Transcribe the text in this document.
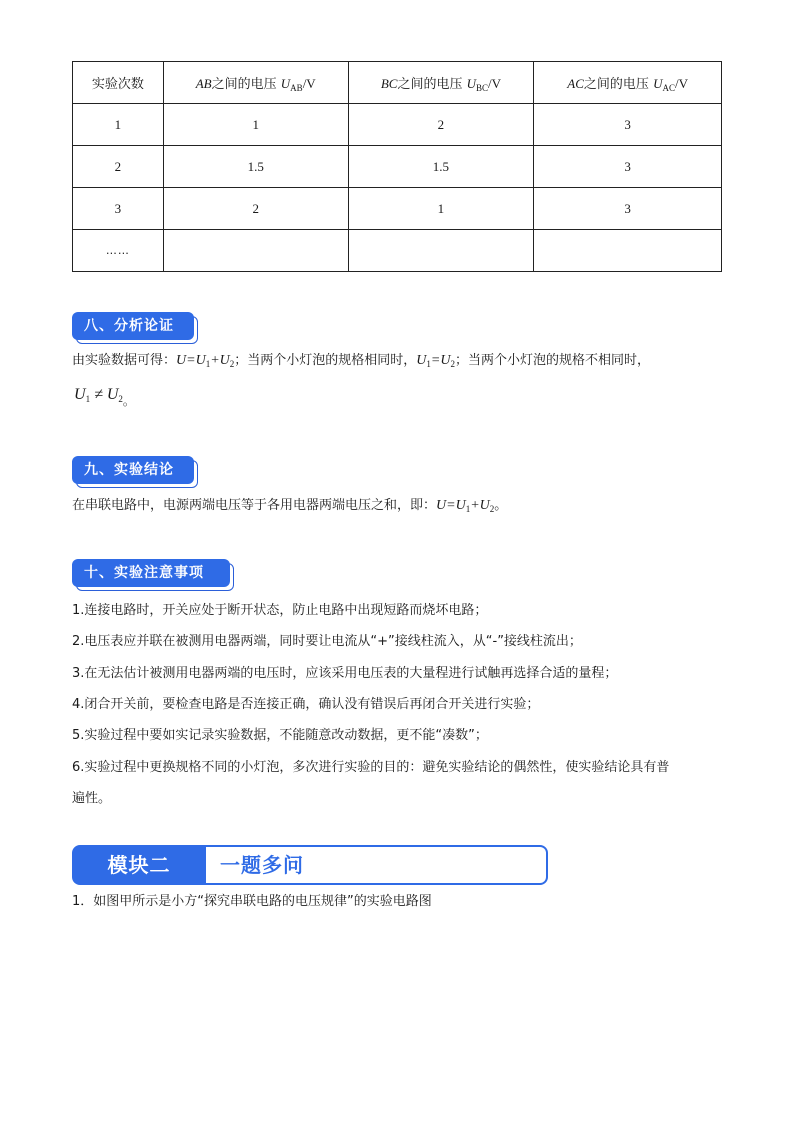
实验次数	AB之间的电压 $U_{AB}/V$	BC之间的电压 $U_{BC}/V$	AC之间的电压 $U_{AC}/V$
1	1	2	3
2	1.5	1.5	3
3	2	1	3
……			
八、分析论证
由实验数据可得：$U=U_1+U_2$；当两个小灯泡的规格相同时，$U_1=U_2$；当两个小灯泡的规格不相同时，
U1 ≠ U2。
九、实验结论
在串联电路中，电源两端电压等于各用电器两端电压之和，即：$U=U_1+U_2$。
十、实验注意事项
1.连接电路时，开关应处于断开状态，防止电路中出现短路而烧坏电路；
2.电压表应并联在被测用电器两端，同时要让电流从“+”接线柱流入，从“-”接线柱流出；
3.在无法估计被测用电器两端的电压时，应该采用电压表的大量程进行试触再选择合适的量程；
4.闭合开关前，要检查电路是否连接正确，确认没有错误后再闭合开关进行实验；
5.实验过程中要如实记录实验数据，不能随意改动数据，更不能“凑数”；
6.实验过程中更换规格不同的小灯泡，多次进行实验的目的：避免实验结论的偶然性，使实验结论具有普
遍性。
模块二	一题多问
1．如图甲所示是小方“探究串联电路的电压规律”的实验电路图
